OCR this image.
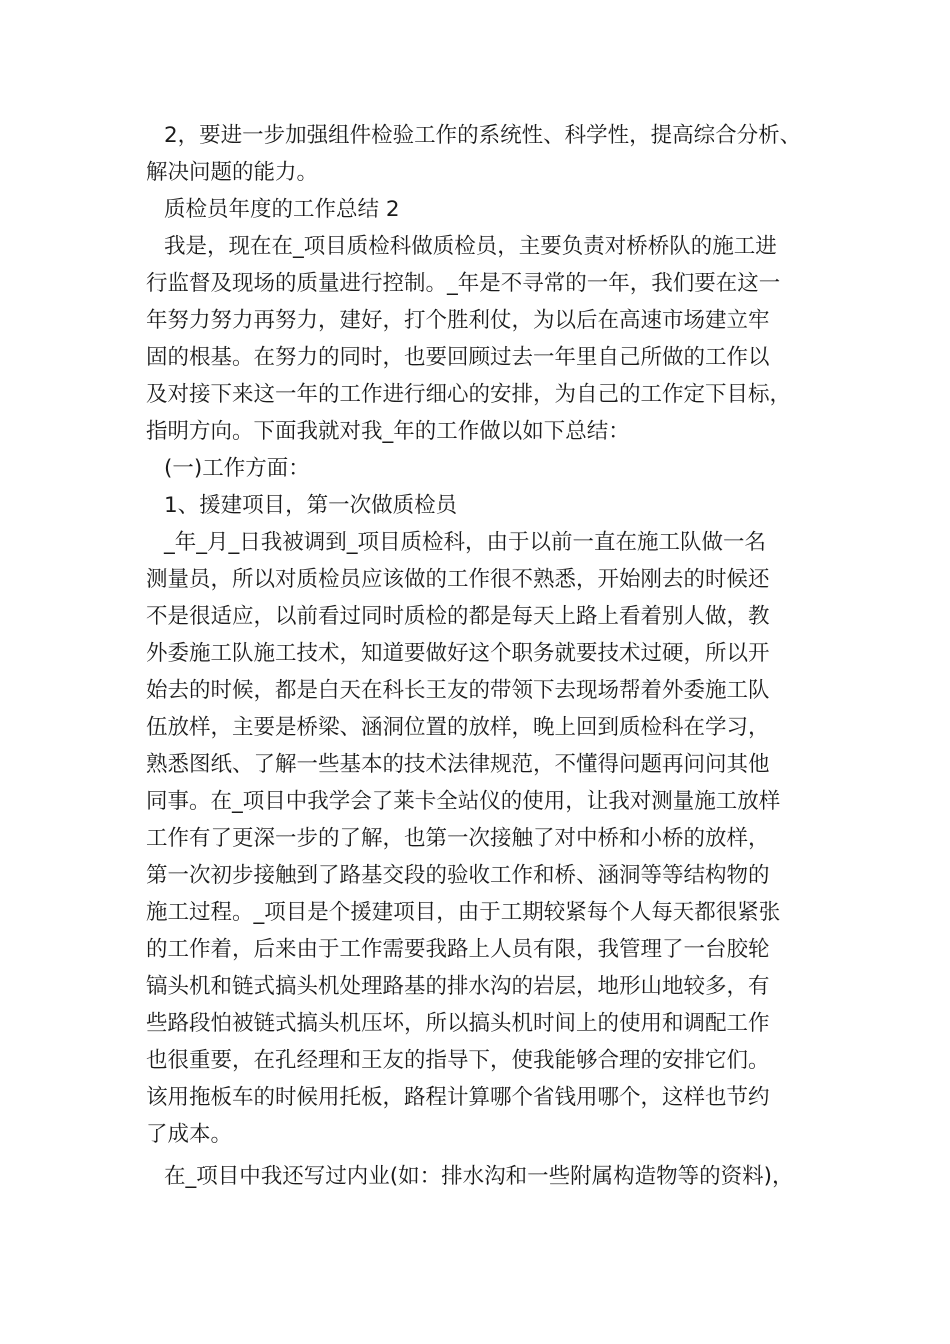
2，要进一步加强组件检验工作的系统性、科学性，提高综合分析、
解决问题的能力。
质检员年度的工作总结 2
我是，现在在_项目质检科做质检员，主要负责对桥桥队的施工进
行监督及现场的质量进行控制。_年是不寻常的一年，我们要在这一
年努力努力再努力，建好，打个胜利仗，为以后在高速市场建立牢
固的根基。在努力的同时，也要回顾过去一年里自己所做的工作以
及对接下来这一年的工作进行细心的安排，为自己的工作定下目标，
指明方向。下面我就对我_年的工作做以如下总结：
(一)工作方面：
1、援建项目，第一次做质检员
_年_月_日我被调到_项目质检科，由于以前一直在施工队做一名
测量员，所以对质检员应该做的工作很不熟悉，开始刚去的时候还
不是很适应，以前看过同时质检的都是每天上路上看着别人做，教
外委施工队施工技术，知道要做好这个职务就要技术过硬，所以开
始去的时候，都是白天在科长王友的带领下去现场帮着外委施工队
伍放样，主要是桥梁、涵洞位置的放样，晚上回到质检科在学习，
熟悉图纸、了解一些基本的技术法律规范，不懂得问题再问问其他
同事。在_项目中我学会了莱卡全站仪的使用，让我对测量施工放样
工作有了更深一步的了解，也第一次接触了对中桥和小桥的放样，
第一次初步接触到了路基交段的验收工作和桥、涵洞等等结构物的
施工过程。_项目是个援建项目，由于工期较紧每个人每天都很紧张
的工作着，后来由于工作需要我路上人员有限，我管理了一台胶轮
镐头机和链式搞头机处理路基的排水沟的岩层，地形山地较多，有
些路段怕被链式搞头机压坏，所以搞头机时间上的使用和调配工作
也很重要，在孔经理和王友的指导下，使我能够合理的安排它们。
该用拖板车的时候用托板，路程计算哪个省钱用哪个，这样也节约
了成本。
在_项目中我还写过内业(如：排水沟和一些附属构造物等的资料)，
